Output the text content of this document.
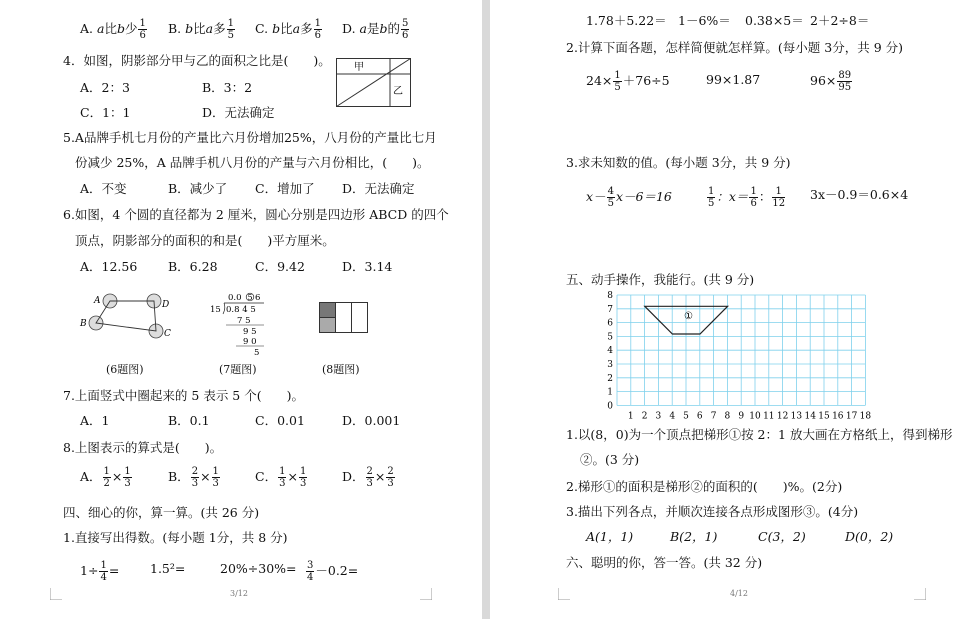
A. a比b少 $\frac{1}{6} B$. b比a多 $\frac{1}{5} C$. b比a多 $\frac{1}{6} D$. a是b的 $\frac{5}{6}$
4．如图，阴影部分甲与乙的面积之比是(　　)。
A．2：3	B．3：2
C．1：1	D．无法确定
甲
乙
5.A品牌手机七月份的产量比六月份增加25%，八月份的产量比七月
份减少 25%，A 品牌手机八月份的产量与六月份相比，(　　)。
A．不变	B．减少了 C．增加了 D．无法确定
6.如图，4 个圆的直径都为 2 厘米，圆心分别是四边形 ABCD 的四个
顶点，阴影部分的面积的和是(　　)平方厘米。
A．12.56 B．6.28	C．9.42	D．3.14
A	D
B
C
0.0 5 6
15 0.8 4 5
7 5
9 5
9 0
5
(6题图)	(7题图)	(8题图)
7.上面竖式中圈起来的 5 表示 5 个(　　)。
A．1	B．0.1	C．0.01	D．0.001
8.上图表示的算式是(　　)。
A． $\frac{1}{2} \times \frac{1}{3}$	B． $\frac{2}{3} \times \frac{1}{3}$	C． $\frac{1}{3} \times \frac{1}{3}$	D． $\frac{2}{3} \times \frac{2}{3}$
四、细心的你，算一算。(共 26 分)
1.直接写出得数。(每小题 1分，共 8 分)
$1\div \frac{1}{4} = 1.5^2=$	$20\%\div 30\%= \frac{3}{4} -0.2=$
3/12
1.78＋5.22＝ 1－6%＝ 0.38×5＝ 2＋2÷8＝
2.计算下面各题，怎样简便就怎样算。(每小题 3分，共 9 分)
$24\times \frac{1}{5} +76\div 5$	99×1.87	$96\times \frac{89}{95}$
3.求未知数的值。(每小题 3分，共 9 分)
$x- \frac{4}{5} x-6=16$	$\frac{1}{5}$ ：$x= \frac{1}{6}$ ： $\frac{1}{12} 3x-0.9=0.6\times 4$
五、动手操作，我能行。(共 9 分)
1 2 3 4 5 6 7 8 9 10 11 12 13 14 15 16 17 18
0
1
2
3
4
5
6
7
8
①
1.以(8，0)为一个顶点把梯形①按 2：1 放大画在方格纸上，得到梯形
②。(3 分)
2.梯形①的面积是梯形②的面积的(　　)%。(2分)
3.描出下列各点，并顺次连接各点形成图形③。(4分)
A(1，1)	B(2，1)	C(3，2)	D(0，2)
六、聪明的你，答一答。(共 32 分)
4/12
